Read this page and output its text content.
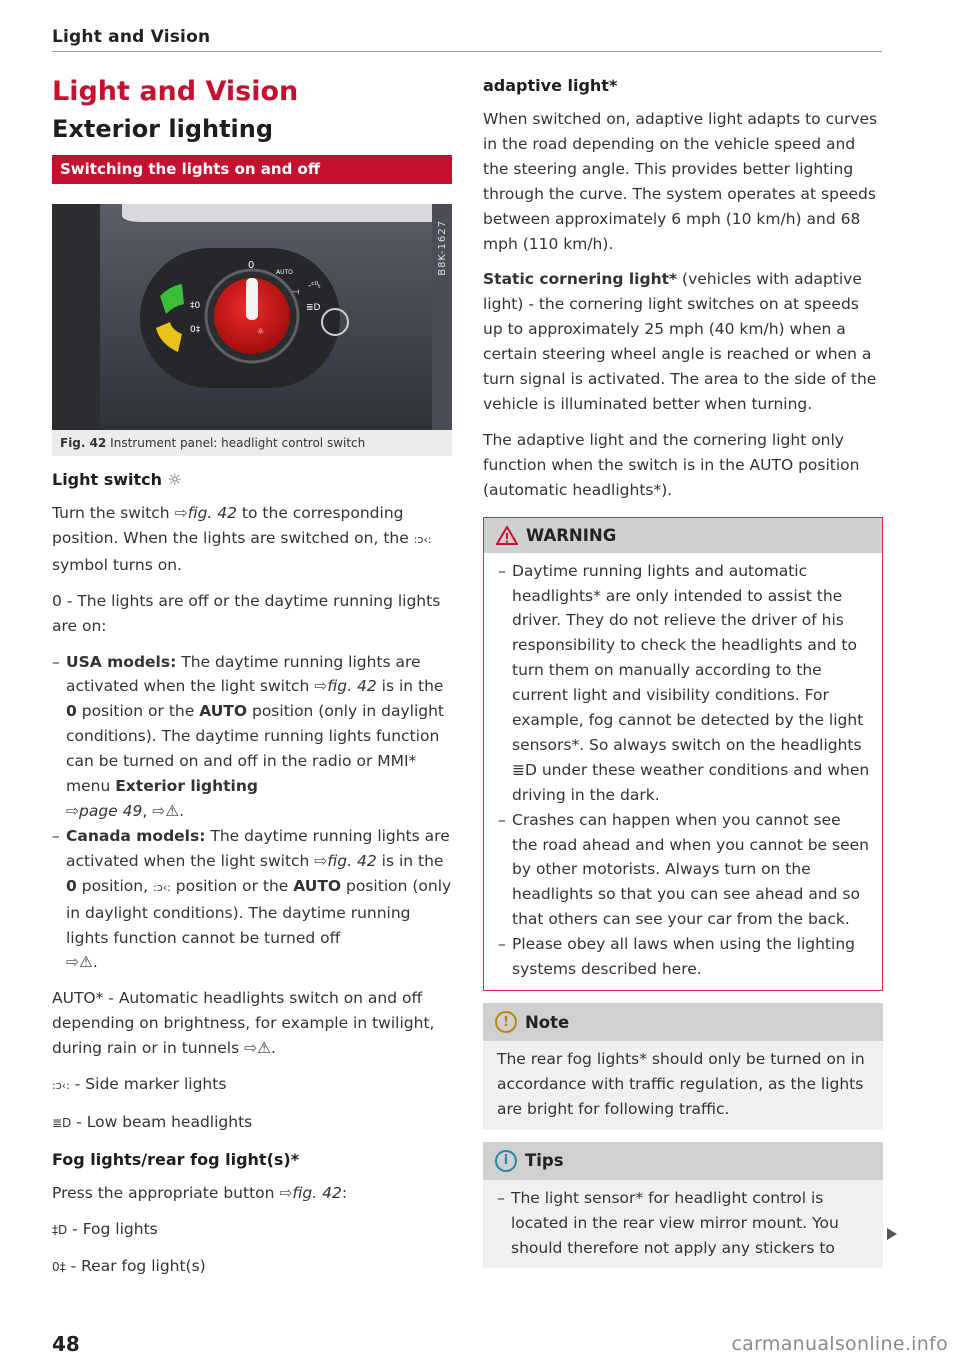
Light and Vision
Light and Vision
Exterior lighting
Switching the lights on and off
0
AUTO
‡0
0‡
⟞
-ᶜ⁰ₜ
≣D
☼
B8K-1627
Fig. 42 Instrument panel: headlight control switch
Light switch ☼

Turn the switch ⇨fig. 42 to the corresponding position. When the lights are switched on, the :ɔ‹: symbol turns on.

0 - The lights are off or the daytime running lights are on:

– USA models: The daytime running lights are activated when the light switch ⇨fig. 42 is in the 0 position or the AUTO position (only in daylight conditions). The daytime running lights function can be turned on and off in the radio or MMI* menu Exterior lighting
⇨page 49, ⇨⚠.
– Canada models: The daytime running lights are activated when the light switch ⇨fig. 42 is in the 0 position, :ɔ‹: position or the AUTO position (only in daylight conditions). The daytime running lights function cannot be turned off
⇨⚠.

AUTO* - Automatic headlights switch on and off depending on brightness, for example in twilight, during rain or in tunnels ⇨⚠.

:ɔ‹: - Side marker lights

≣D - Low beam headlights

Fog lights/rear fog light(s)*

Press the appropriate button ⇨fig. 42:

‡D - Fog lights

0‡ - Rear fog light(s)

adaptive light*

When switched on, adaptive light adapts to curves in the road depending on the vehicle speed and the steering angle. This provides better lighting through the curve. The system operates at speeds between approximately 6 mph (10 km/h) and 68 mph (110 km/h).

Static cornering light* (vehicles with adaptive light) - the cornering light switches on at speeds up to approximately 25 mph (40 km/h) when a certain steering wheel angle is reached or when a turn signal is activated. The area to the side of the vehicle is illuminated better when turning.

The adaptive light and the cornering light only function when the switch is in the AUTO position (automatic headlights*).

WARNING
– Daytime running lights and automatic headlights* are only intended to assist the driver. They do not relieve the driver of his responsibility to check the headlights and to turn them on manually according to the current light and visibility conditions. For example, fog cannot be detected by the light sensors*. So always switch on the headlights ≣D under these weather conditions and when driving in the dark.
– Crashes can happen when you cannot see the road ahead and when you cannot be seen by other motorists. Always turn on the headlights so that you can see ahead and so that others can see your car from the back.
– Please obey all laws when using the lighting systems described here.
! Note

The rear fog lights* should only be turned on in accordance with traffic regulation, as the lights are bright for following traffic.

i	Tips
– The light sensor* for headlight control is located in the rear view mirror mount. You should therefore not apply any stickers to
48	carmanualsonline.info
